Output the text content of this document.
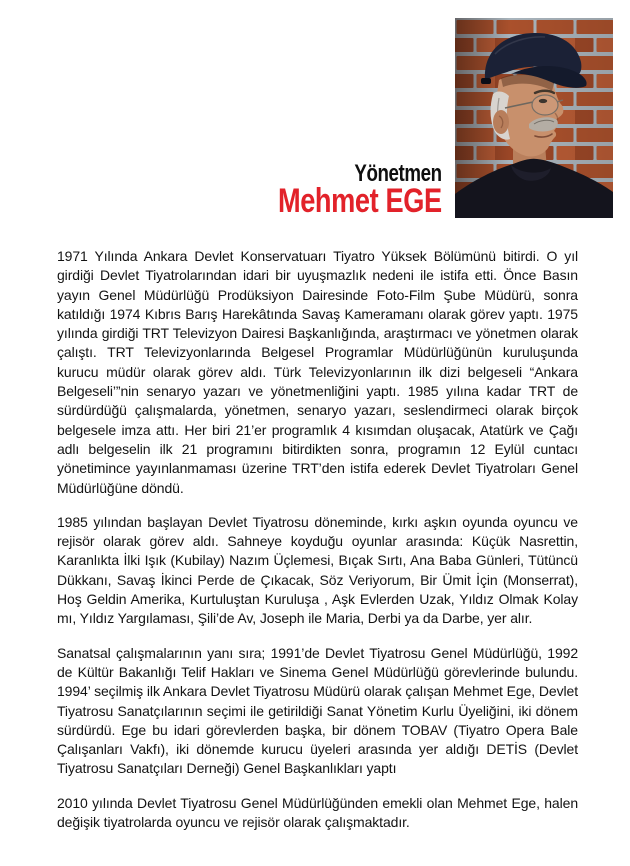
Yönetmen
Mehmet EGE

1971 Yılında Ankara Devlet Konservatuarı Tiyatro Yüksek Bölümünü bitirdi. O yıl girdiği Devlet Tiyatrolarından idari bir uyuşmazlık nedeni ile istifa etti. Önce Basın yayın Genel Müdürlüğü Prodüksiyon Dairesinde Foto-Film Şube Müdürü, sonra katıldığı 1974 Kıbrıs Barış Harekâtında Savaş Kameramanı olarak görev yaptı. 1975 yılında girdiği TRT Televizyon Dairesi Başkanlığında, araştırmacı ve yönetmen olarak çalıştı. TRT Televizyonlarında Belgesel Programlar Müdürlüğünün kuruluşunda kurucu müdür olarak görev aldı. Türk Televizyonlarının ilk dizi belgeseli “Ankara Belgeseli’”nin senaryo yazarı ve yönetmenliğini yaptı. 1985 yılına kadar TRT de sürdürdüğü çalışmalarda, yönetmen, senaryo yazarı, seslendirmeci olarak birçok belgesele imza attı. Her biri 21’er programlık 4 kısımdan oluşacak, Atatürk ve Çağı adlı belgeselin ilk 21 programını bitirdikten sonra, programın 12 Eylül cuntacı yönetimince yayınlanmaması üzerine TRT’den istifa ederek Devlet Tiyatroları Genel Müdürlüğüne döndü.

1985 yılından başlayan Devlet Tiyatrosu döneminde, kırkı aşkın oyunda oyuncu ve rejisör olarak görev aldı. Sahneye koyduğu oyunlar arasında: Küçük Nasrettin, Karanlıkta İlki Işık (Kubilay) Nazım Üçlemesi, Bıçak Sırtı, Ana Baba Günleri, Tütüncü Dükkanı, Savaş İkinci Perde de Çıkacak, Söz Veriyorum, Bir Ümit İçin (Monserrat), Hoş Geldin Amerika, Kurtuluştan Kuruluşa , Aşk Evlerden Uzak, Yıldız Olmak Kolay mı, Yıldız Yargılaması, Şili’de Av, Joseph ile Maria, Derbi ya da Darbe, yer alır.

Sanatsal çalışmalarının yanı sıra; 1991’de Devlet Tiyatrosu Genel Müdürlüğü, 1992 de Kültür Bakanlığı Telif Hakları ve Sinema Genel Müdürlüğü görevlerinde bulundu. 1994’ seçilmiş ilk Ankara Devlet Tiyatrosu Müdürü olarak çalışan Mehmet Ege, Devlet Tiyatrosu Sanatçılarının seçimi ile getirildiği Sanat Yönetim Kurlu Üyeliğini, iki dönem sürdürdü. Ege bu idari görevlerden başka, bir dönem TOBAV (Tiyatro Opera Bale Çalışanları Vakfı), iki dönemde kurucu üyeleri arasında yer aldığı DETİS (Devlet Tiyatrosu Sanatçıları Derneği) Genel Başkanlıkları yaptı

2010 yılında Devlet Tiyatrosu Genel Müdürlüğünden emekli olan Mehmet Ege, halen değişik tiyatrolarda oyuncu ve rejisör olarak çalışmaktadır.
